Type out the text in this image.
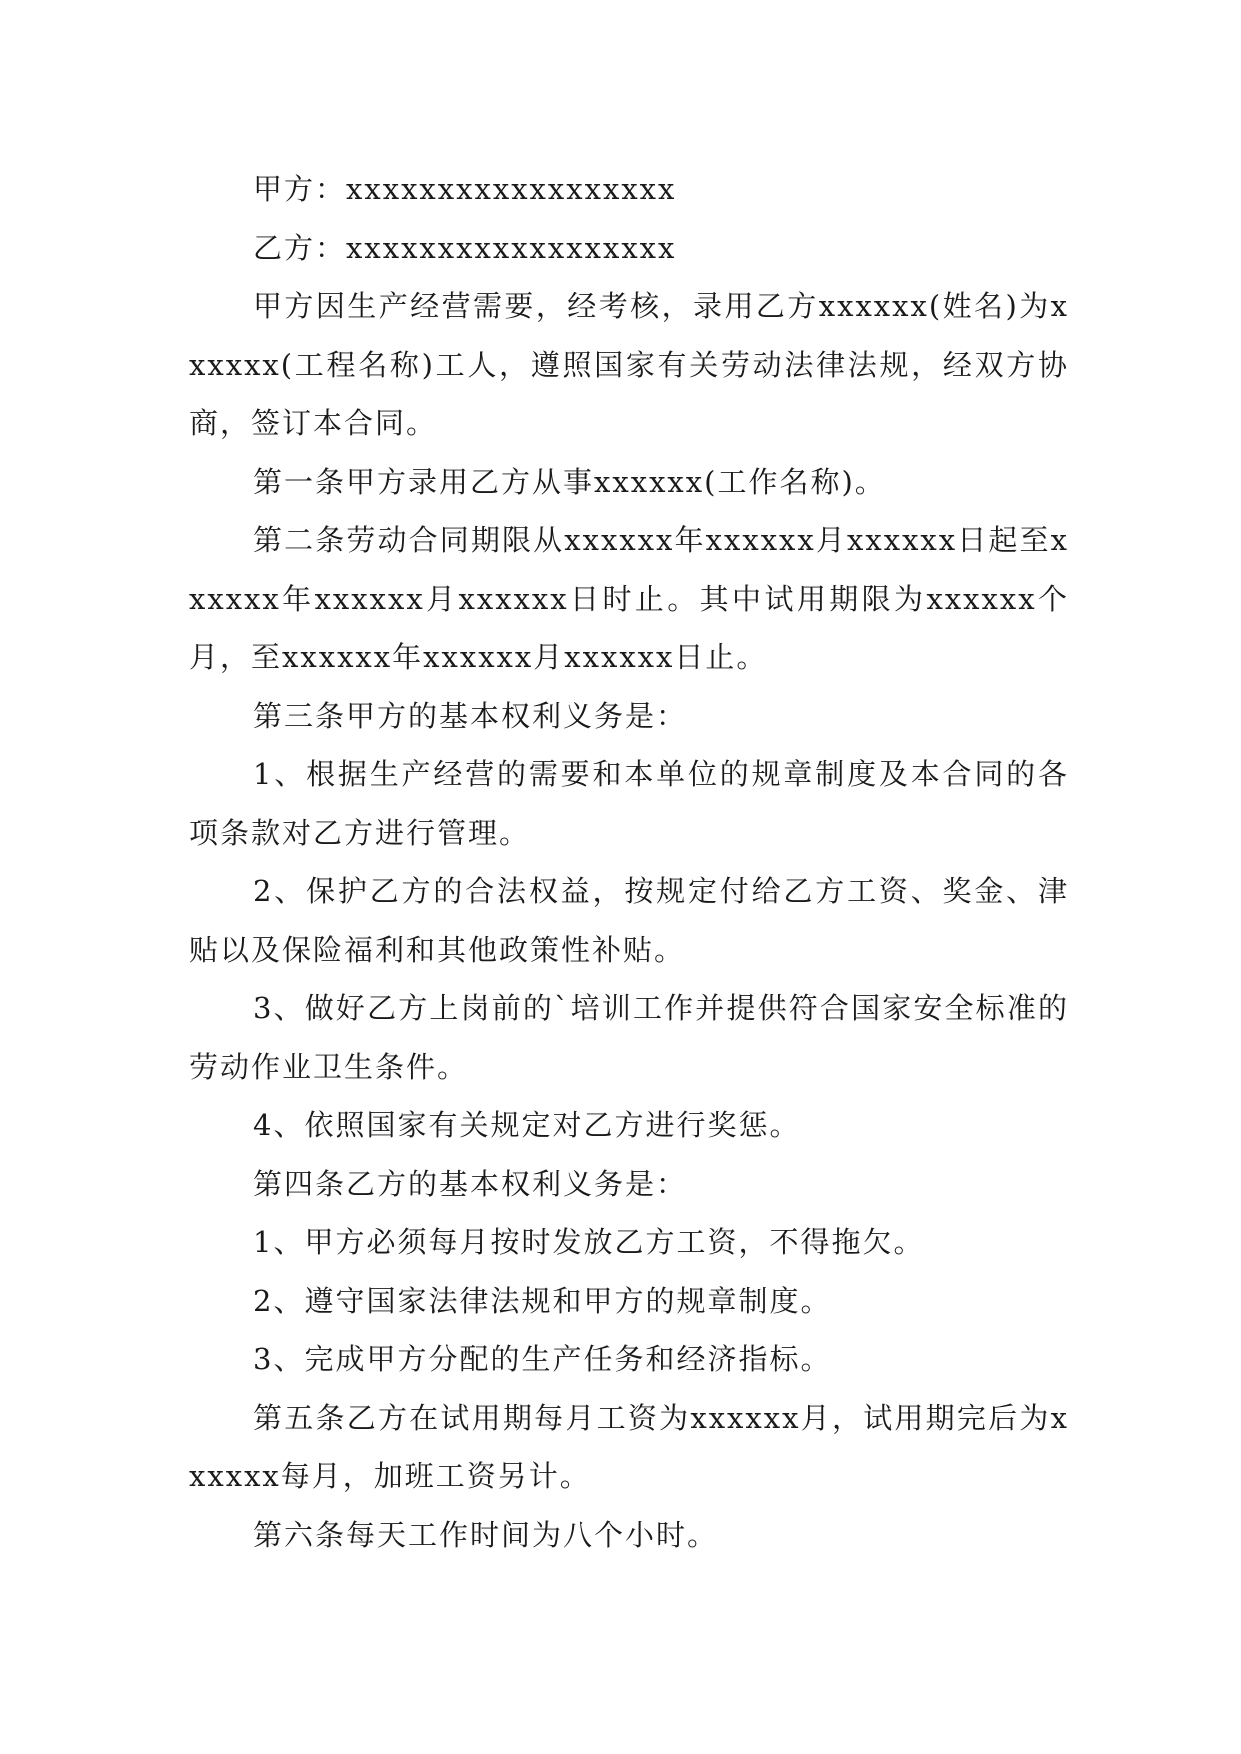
甲方：xxxxxxxxxxxxxxxxxx

乙方：xxxxxxxxxxxxxxxxxx

甲方因生产经营需要，经考核，录用乙方xxxxxx(姓名)为xxxxxx(工程名称)工人，遵照国家有关劳动法律法规，经双方协商，签订本合同。

第一条甲方录用乙方从事xxxxxx(工作名称)。

第二条劳动合同期限从xxxxxx年xxxxxx月xxxxxx日起至xxxxxx年xxxxxx月xxxxxx日时止。其中试用期限为xxxxxx个月，至xxxxxx年xxxxxx月xxxxxx日止。

第三条甲方的基本权利义务是：

1、根据生产经营的需要和本单位的规章制度及本合同的各项条款对乙方进行管理。

2、保护乙方的合法权益，按规定付给乙方工资、奖金、津贴以及保险福利和其他政策性补贴。

3、做好乙方上岗前的`培训工作并提供符合国家安全标准的劳动作业卫生条件。

4、依照国家有关规定对乙方进行奖惩。

第四条乙方的基本权利义务是：

1、甲方必须每月按时发放乙方工资，不得拖欠。

2、遵守国家法律法规和甲方的规章制度。

3、完成甲方分配的生产任务和经济指标。

第五条乙方在试用期每月工资为xxxxxx月，试用期完后为xxxxxx每月，加班工资另计。

第六条每天工作时间为八个小时。
